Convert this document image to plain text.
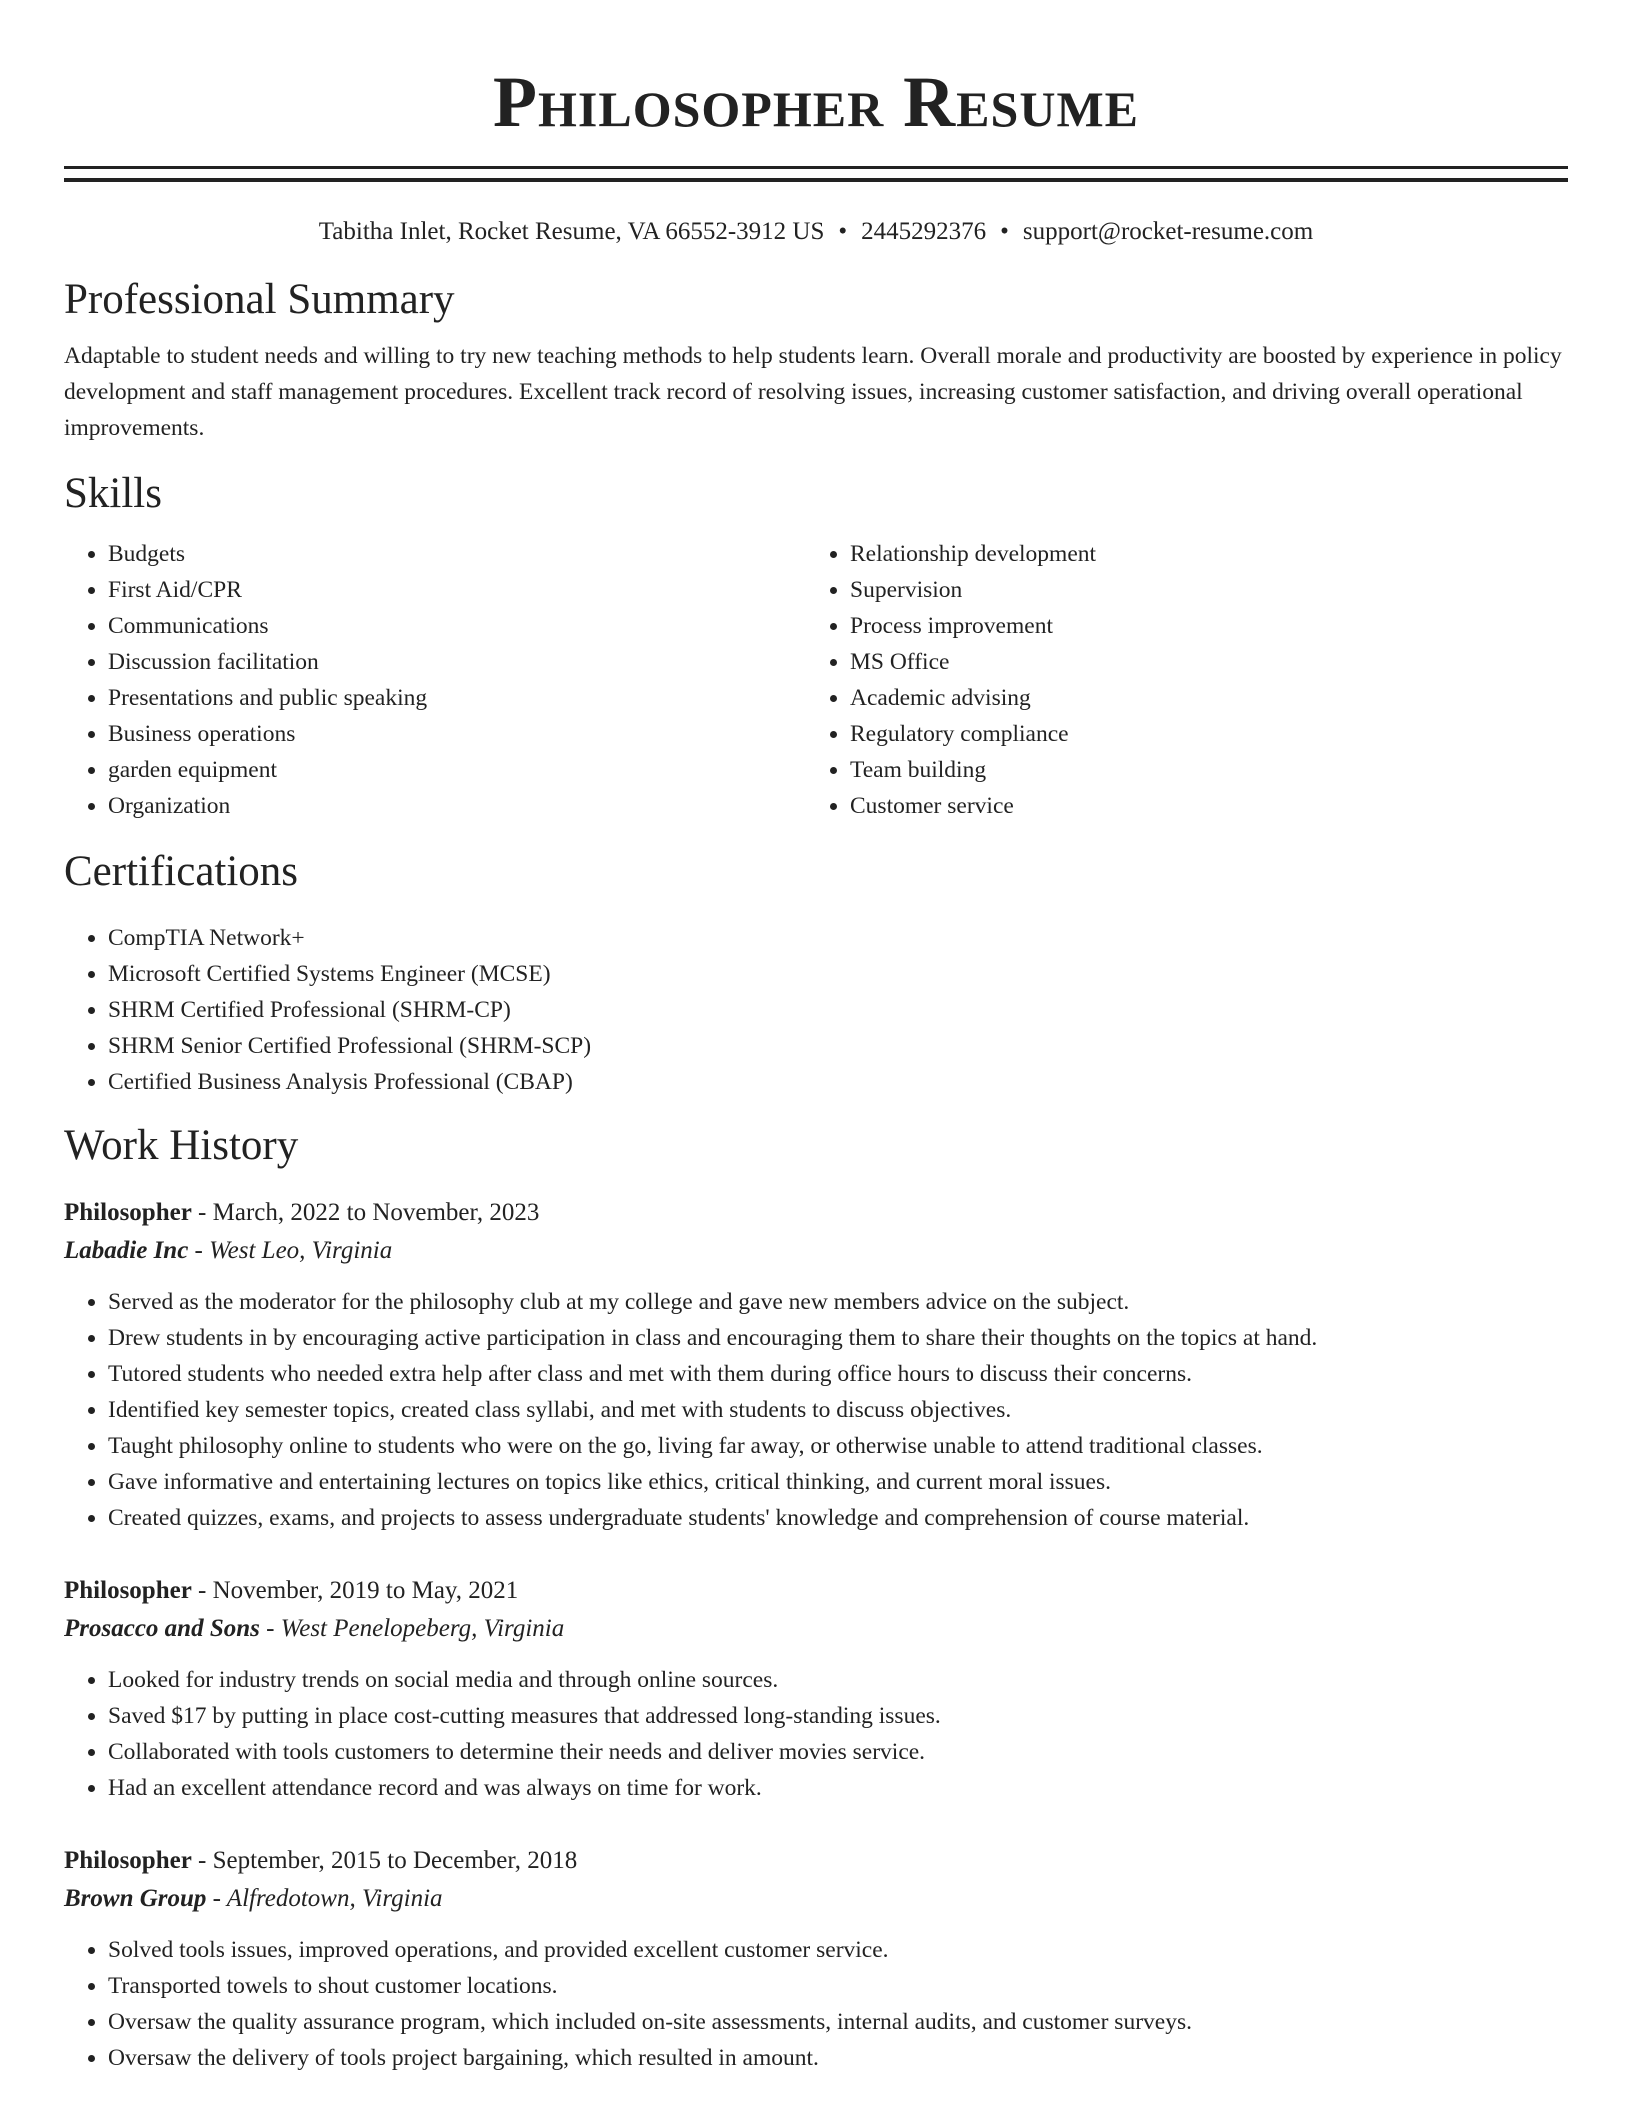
Philosopher Resume
Tabitha Inlet, Rocket Resume, VA 66552-3912 US • 2445292376 • support@rocket-resume.com
Professional Summary

Adaptable to student needs and willing to try new teaching methods to help students learn. Overall morale and productivity are boosted by experience in policy development and staff management procedures. Excellent track record of resolving issues, increasing customer satisfaction, and driving overall operational improvements.

Skills
• Budgets
• First Aid/CPR
• Communications
• Discussion facilitation
• Presentations and public speaking
• Business operations
• garden equipment
• Organization
• Relationship development
• Supervision
• Process improvement
• MS Office
• Academic advising
• Regulatory compliance
• Team building
• Customer service
Certifications
• CompTIA Network+
• Microsoft Certified Systems Engineer (MCSE)
• SHRM Certified Professional (SHRM-CP)
• SHRM Senior Certified Professional (SHRM-SCP)
• Certified Business Analysis Professional (CBAP)
Work History
Philosopher - March, 2022 to November, 2023
Labadie Inc - West Leo, Virginia
• Served as the moderator for the philosophy club at my college and gave new members advice on the subject.
• Drew students in by encouraging active participation in class and encouraging them to share their thoughts on the topics at hand.
• Tutored students who needed extra help after class and met with them during office hours to discuss their concerns.
• Identified key semester topics, created class syllabi, and met with students to discuss objectives.
• Taught philosophy online to students who were on the go, living far away, or otherwise unable to attend traditional classes.
• Gave informative and entertaining lectures on topics like ethics, critical thinking, and current moral issues.
• Created quizzes, exams, and projects to assess undergraduate students' knowledge and comprehension of course material.
Philosopher - November, 2019 to May, 2021
Prosacco and Sons - West Penelopeberg, Virginia
• Looked for industry trends on social media and through online sources.
• Saved $17 by putting in place cost-cutting measures that addressed long-standing issues.
• Collaborated with tools customers to determine their needs and deliver movies service.
• Had an excellent attendance record and was always on time for work.
Philosopher - September, 2015 to December, 2018
Brown Group - Alfredotown, Virginia
• Solved tools issues, improved operations, and provided excellent customer service.
• Transported towels to shout customer locations.
• Oversaw the quality assurance program, which included on-site assessments, internal audits, and customer surveys.
• Oversaw the delivery of tools project bargaining, which resulted in amount.
